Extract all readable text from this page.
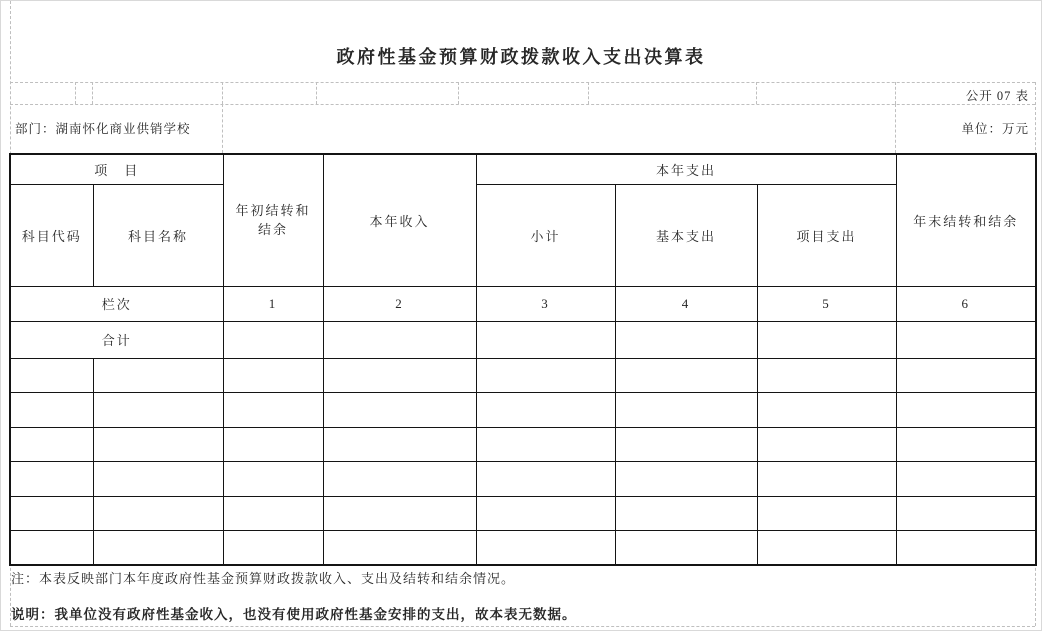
政府性基金预算财政拨款收入支出决算表
公开 07 表
部门：湖南怀化商业供销学校	单位：万元
项　目		年初结转和结余	本年收入	本年支出			年末结转和结余
科目代码	科目名称			小计	基本支出	项目支出	
栏次		1	2	3	4	5	6
合计							

注：本表反映部门本年度政府性基金预算财政拨款收入、支出及结转和结余情况。
说明：我单位没有政府性基金收入，也没有使用政府性基金安排的支出，故本表无数据。
